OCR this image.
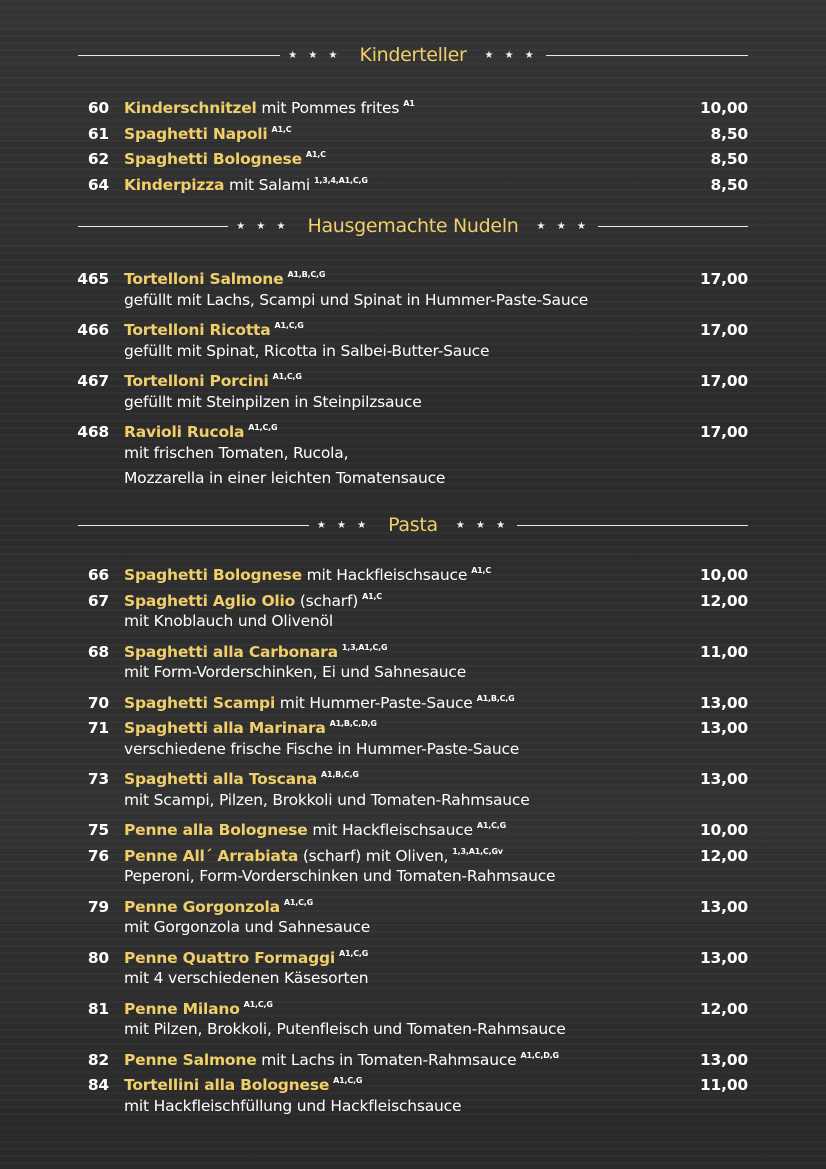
★ ★ ★ Kinderteller	★ ★ ★
60 Kinderschnitzel mit Pommes frites $^{A1}$	10,00
61 Spaghetti Napoli $^{A1,C}$	8,50
62 Spaghetti Bolognese $^{A1,C}$	8,50
64 Kinderpizza mit Salami $^{1,3,4,A1,C,G}$	8,50
★ ★ ★ Hausgemachte Nudeln	★ ★ ★
465 Tortelloni Salmone $^{A1,B,C,G}$	17,00
gefüllt mit Lachs, Scampi und Spinat in Hummer-Paste-Sauce
466 Tortelloni Ricotta $^{A1,C,G}$	17,00
gefüllt mit Spinat, Ricotta in Salbei-Butter-Sauce
467 Tortelloni Porcini $^{A1,C,G}$	17,00
gefüllt mit Steinpilzen in Steinpilzsauce
468 Ravioli Rucola $^{A1,C,G}$	17,00
mit frischen Tomaten, Rucola,
Mozzarella in einer leichten Tomatensauce
★ ★ ★ Pasta	★ ★ ★
66 Spaghetti Bolognese mit Hackfleischsauce $^{A1,C}$	10,00
67 Spaghetti Aglio Olio (scharf) $^{A1,C}$	12,00
mit Knoblauch und Olivenöl
68 Spaghetti alla Carbonara $^{1,3,A1,C,G}$	11,00
mit Form-Vorderschinken, Ei und Sahnesauce
70 Spaghetti Scampi mit Hummer-Paste-Sauce $^{A1,B,C,G}$	13,00
71 Spaghetti alla Marinara $^{A1,B,C,D,G}$	13,00
verschiedene frische Fische in Hummer-Paste-Sauce
73 Spaghetti alla Toscana $^{A1,B,C,G}$	13,00
mit Scampi, Pilzen, Brokkoli und Tomaten-Rahmsauce
75 Penne alla Bolognese mit Hackfleischsauce $^{A1,C,G}$	10,00
76 Penne All´ Arrabiata (scharf) mit Oliven, $^{1,3,A1,C,Gv}$	12,00
Peperoni, Form-Vorderschinken und Tomaten-Rahmsauce
79 Penne Gorgonzola $^{A1,C,G}$	13,00
mit Gorgonzola und Sahnesauce
80 Penne Quattro Formaggi $^{A1,C,G}$	13,00
mit 4 verschiedenen Käsesorten
81 Penne Milano $^{A1,C,G}$	12,00
mit Pilzen, Brokkoli, Putenfleisch und Tomaten-Rahmsauce
82 Penne Salmone mit Lachs in Tomaten-Rahmsauce $^{A1,C,D,G}$	13,00
84 Tortellini alla Bolognese $^{A1,C,G}$	11,00
mit Hackfleischfüllung und Hackfleischsauce
